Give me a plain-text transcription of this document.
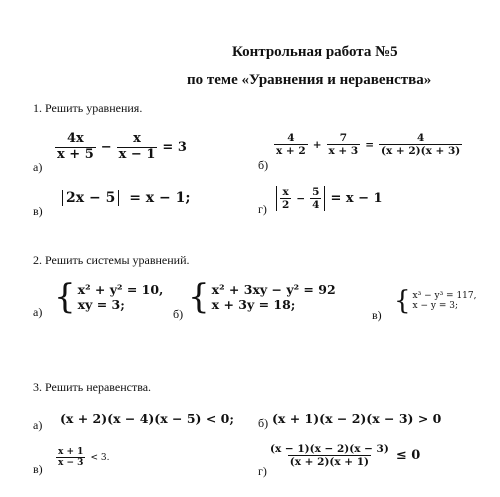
Контрольная работа №5
по теме «Уравнения и неравенства»
1. Решить уравнения.
а)
$\frac{4x}{x + 5} - \frac{x}{x - 1} = 3$
б)
$\frac{4}{x + 2} + \frac{7}{x + 3} = \frac{4}{(x + 2)(x + 3)}$
в)
2x − 5 = x − 1;
$г) \frac{x}{2} - \frac{5}{4} = x - 1$
2. Решить системы уравнений.
а) { x² + y² = 10,
xy = 3;
б) { x² + 3xy − y² = 92
x + 3y = 18;
в) { x³ − y³ = 117,
x − y = 3;
3. Решить неравенства.
а) (x + 2)(x − 4)(x − 5) < 0; б) (x + 1)(x − 2)(x − 3) > 0
в)
$\frac{x + 1}{x - 3} < 3$.
г)
$\frac{(x - 1)(x - 2)(x - 3)}{(x + 2)(x + 1)} \le 0$
